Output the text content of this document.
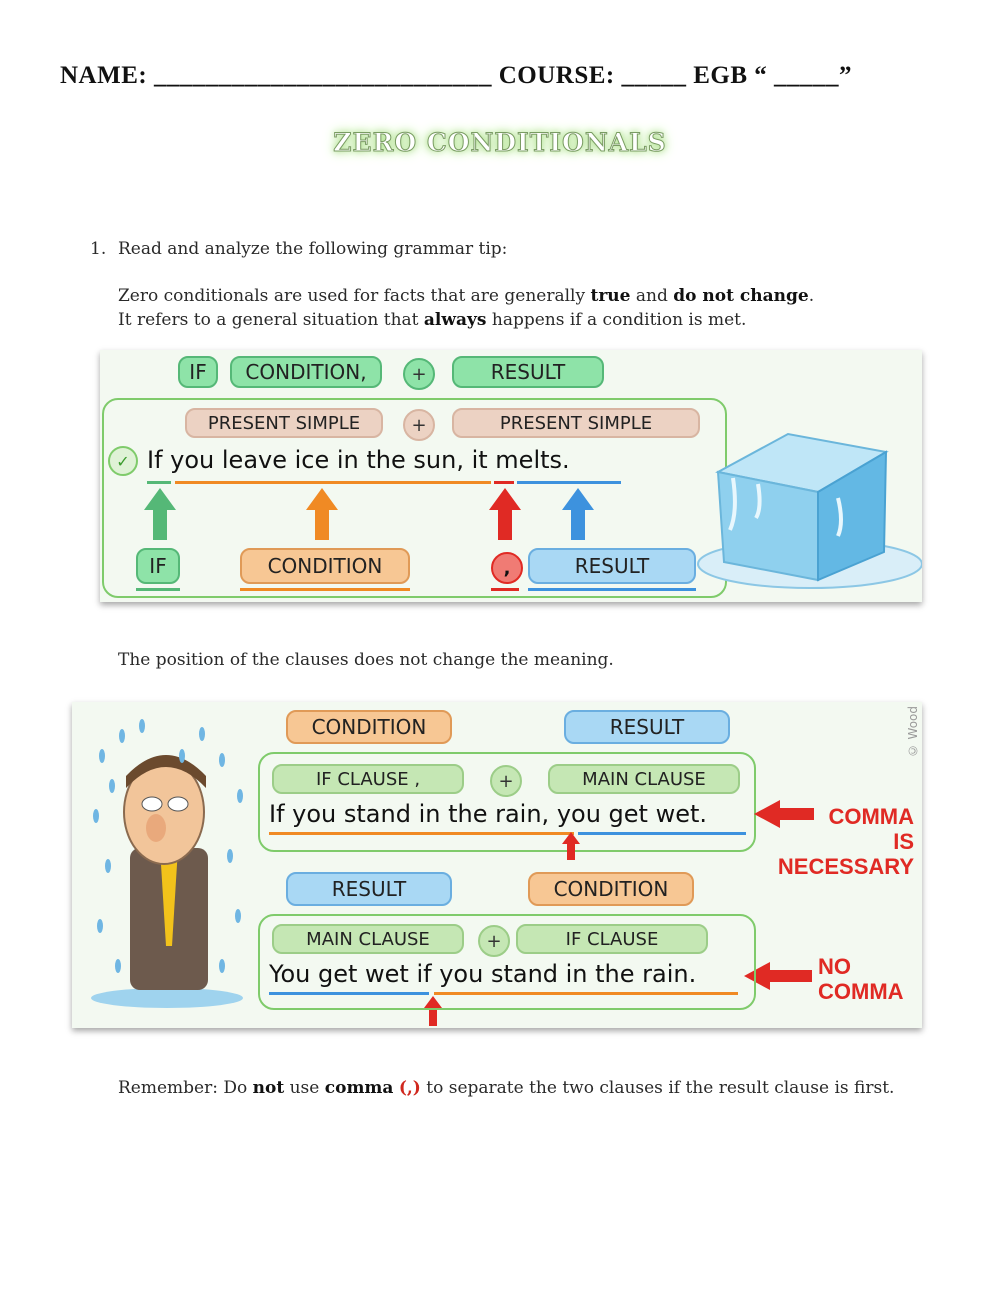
NAME: __________________________ COURSE: _____ EGB “ _____”
ZERO CONDITIONALS
1. Read and analyze the following grammar tip:
Zero conditionals are used for facts that are generally true and do not change.
It refers to a general situation that always happens if a condition is met.
IF	CONDITION,	+	RESULT
PRESENT SIMPLE	+	PRESENT SIMPLE
✓ If you leave ice in the sun, it melts.
IF	CONDITION	,	RESULT
The position of the clauses does not change the meaning.
© Wood
CONDITION	RESULT
IF CLAUSE ,	+	MAIN CLAUSE
If you stand in the rain, you get wet.	COMMA
IS NECESSARY
RESULT	CONDITION
MAIN CLAUSE	+	IF CLAUSE
You get wet if you stand in the rain.	NO
COMMA
Remember: Do not use comma (,) to separate the two clauses if the result clause is first.
